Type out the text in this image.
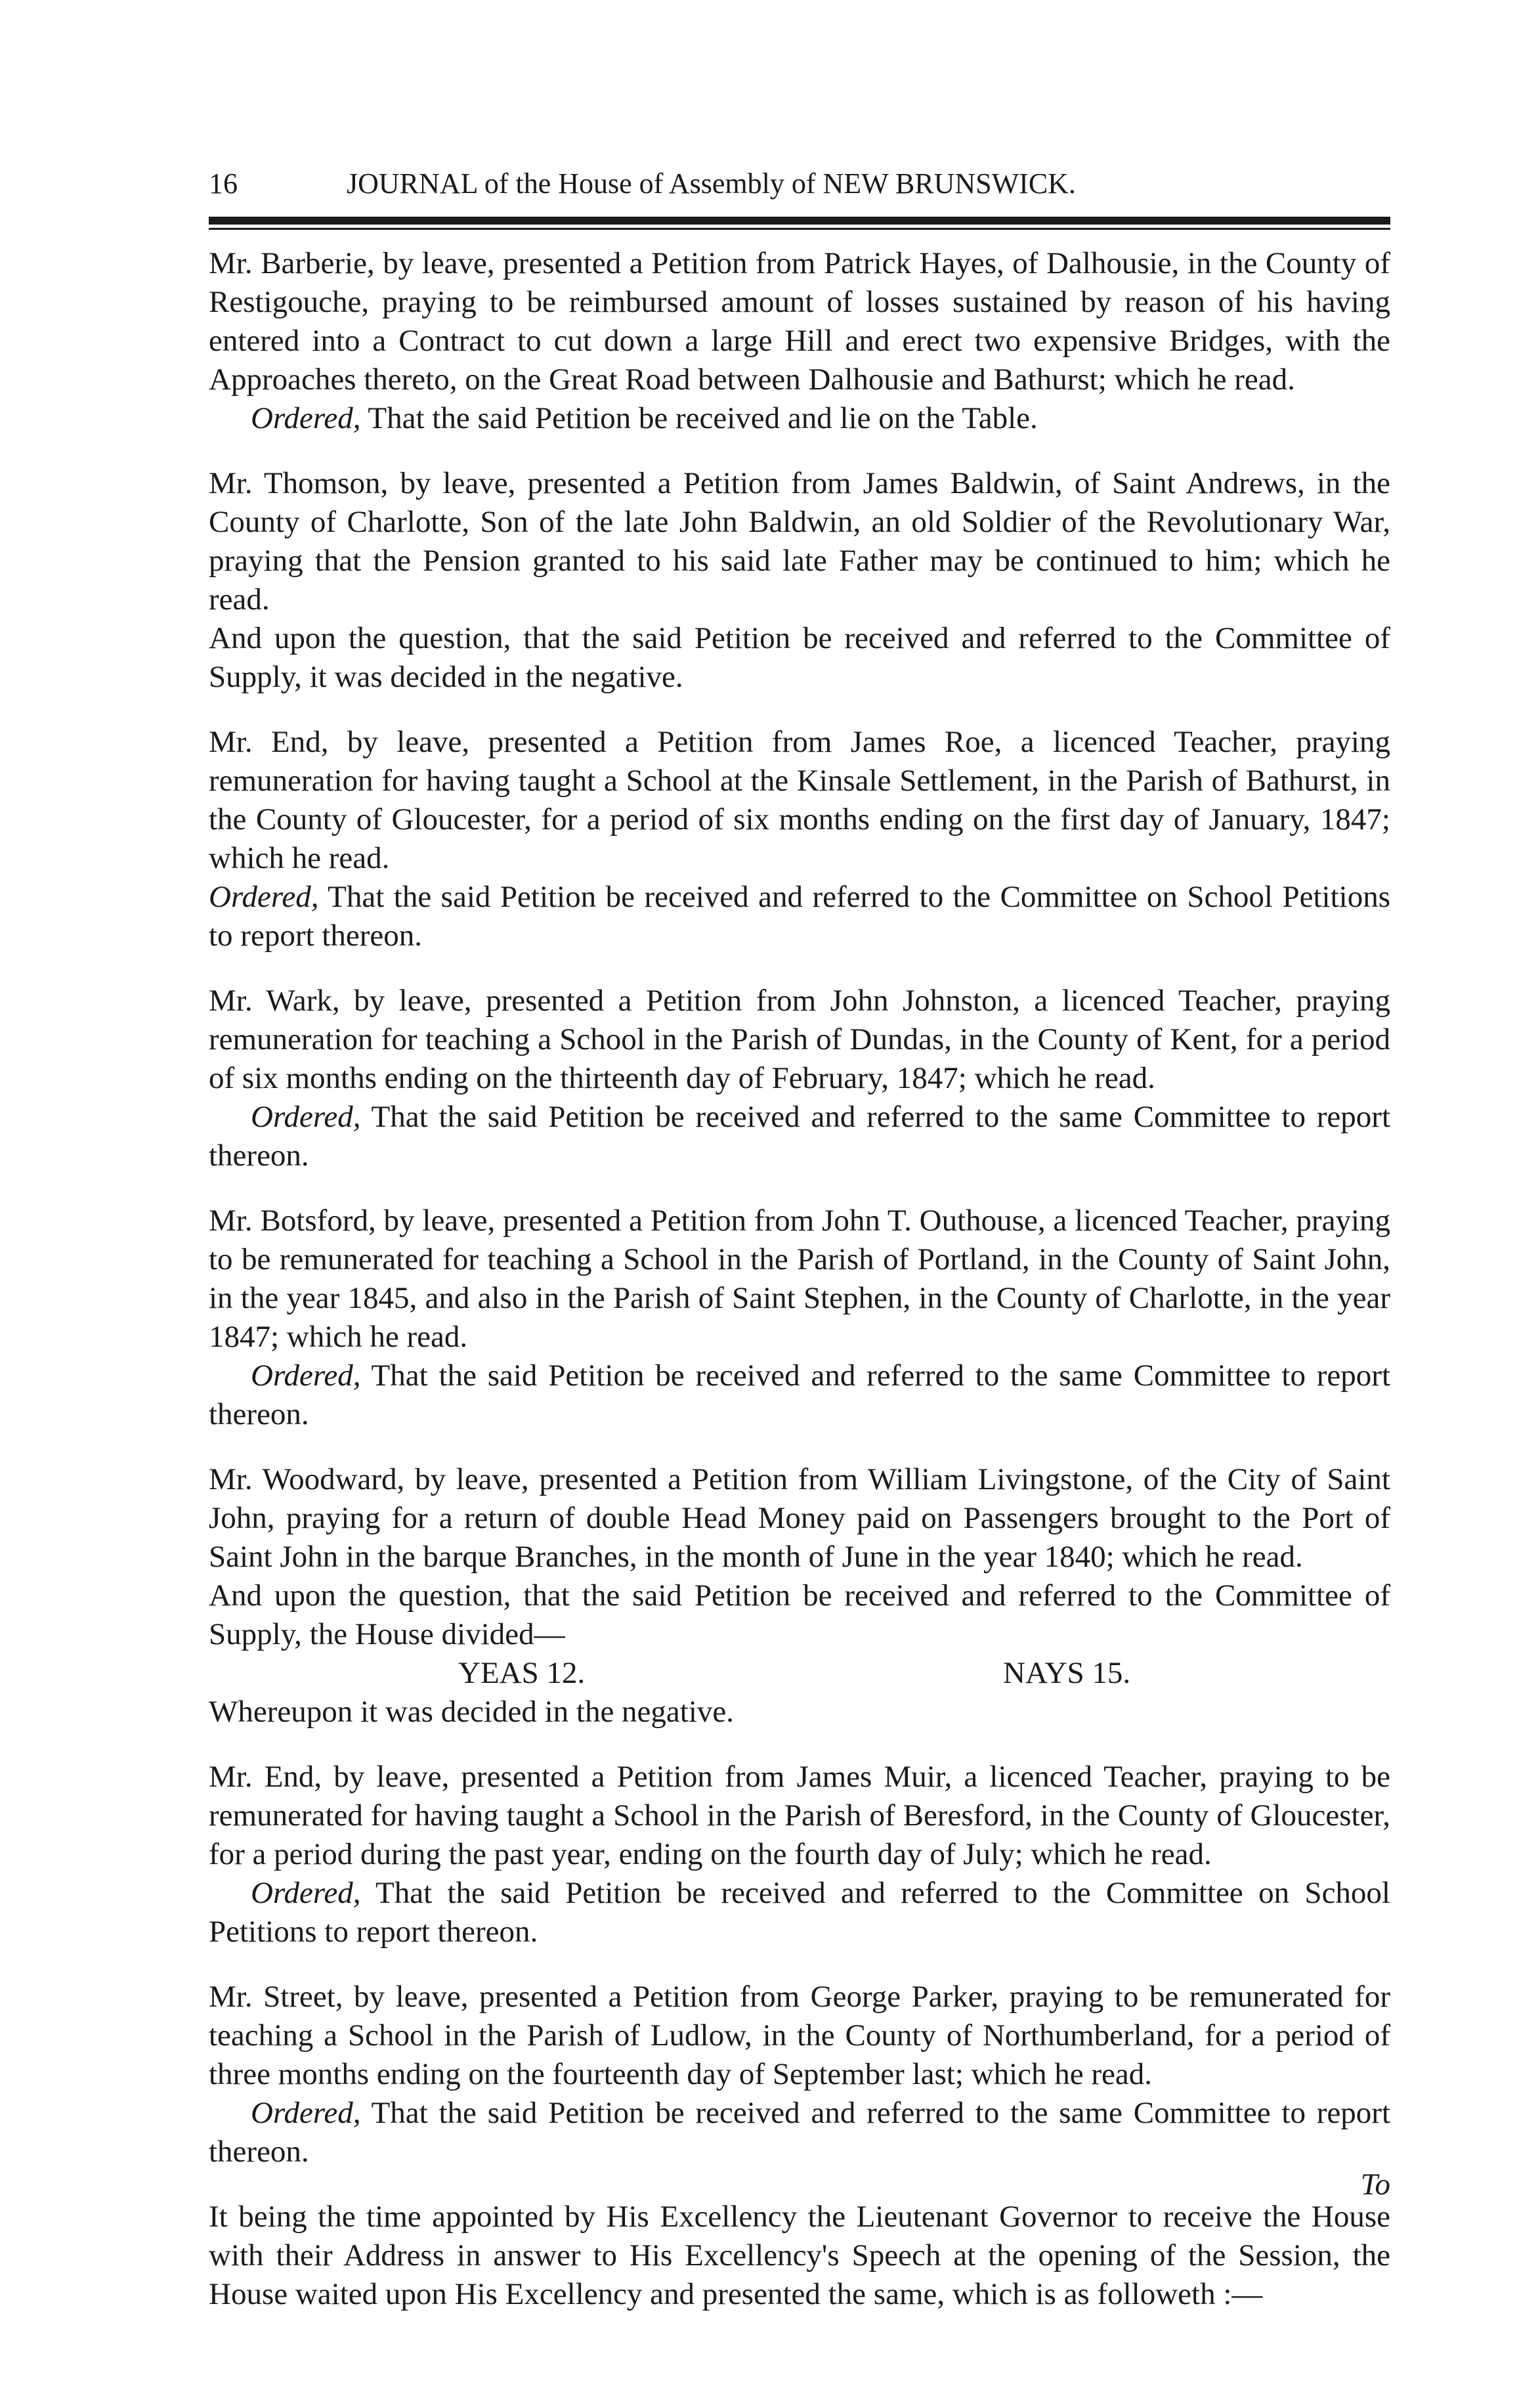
16	JOURNAL of the House of Assembly of NEW BRUNSWICK.

Mr. Barberie, by leave, presented a Petition from Patrick Hayes, of Dalhousie, in the County of Restigouche, praying to be reimbursed amount of losses sustained by reason of his having entered into a Contract to cut down a large Hill and erect two expensive Bridges, with the Approaches thereto, on the Great Road between Dalhousie and Bathurst; which he read.

Ordered, That the said Petition be received and lie on the Table.

Mr. Thomson, by leave, presented a Petition from James Baldwin, of Saint Andrews, in the County of Charlotte, Son of the late John Baldwin, an old Soldier of the Revolutionary War, praying that the Pension granted to his said late Father may be continued to him; which he read.

And upon the question, that the said Petition be received and referred to the Committee of Supply, it was decided in the negative.

Mr. End, by leave, presented a Petition from James Roe, a licenced Teacher, praying remuneration for having taught a School at the Kinsale Settlement, in the Parish of Bathurst, in the County of Gloucester, for a period of six months ending on the first day of January, 1847; which he read.

Ordered, That the said Petition be received and referred to the Committee on School Petitions to report thereon.

Mr. Wark, by leave, presented a Petition from John Johnston, a licenced Teacher, praying remuneration for teaching a School in the Parish of Dundas, in the County of Kent, for a period of six months ending on the thirteenth day of February, 1847; which he read.

Ordered, That the said Petition be received and referred to the same Committee to report thereon.

Mr. Botsford, by leave, presented a Petition from John T. Outhouse, a licenced Teacher, praying to be remunerated for teaching a School in the Parish of Portland, in the County of Saint John, in the year 1845, and also in the Parish of Saint Stephen, in the County of Charlotte, in the year 1847; which he read.

Ordered, That the said Petition be received and referred to the same Committee to report thereon.

Mr. Woodward, by leave, presented a Petition from William Livingstone, of the City of Saint John, praying for a return of double Head Money paid on Passengers brought to the Port of Saint John in the barque Branches, in the month of June in the year 1840; which he read.

And upon the question, that the said Petition be received and referred to the Committee of Supply, the House divided—

YEAS 12.	NAYS 15.

Whereupon it was decided in the negative.

Mr. End, by leave, presented a Petition from James Muir, a licenced Teacher, praying to be remunerated for having taught a School in the Parish of Beresford, in the County of Gloucester, for a period during the past year, ending on the fourth day of July; which he read.

Ordered, That the said Petition be received and referred to the Committee on School Petitions to report thereon.

Mr. Street, by leave, presented a Petition from George Parker, praying to be remunerated for teaching a School in the Parish of Ludlow, in the County of Northumberland, for a period of three months ending on the fourteenth day of September last; which he read.

Ordered, That the said Petition be received and referred to the same Committee to report thereon.

It being the time appointed by His Excellency the Lieutenant Governor to receive the House with their Address in answer to His Excellency's Speech at the opening of the Session, the House waited upon His Excellency and presented the same, which is as followeth :—

To
